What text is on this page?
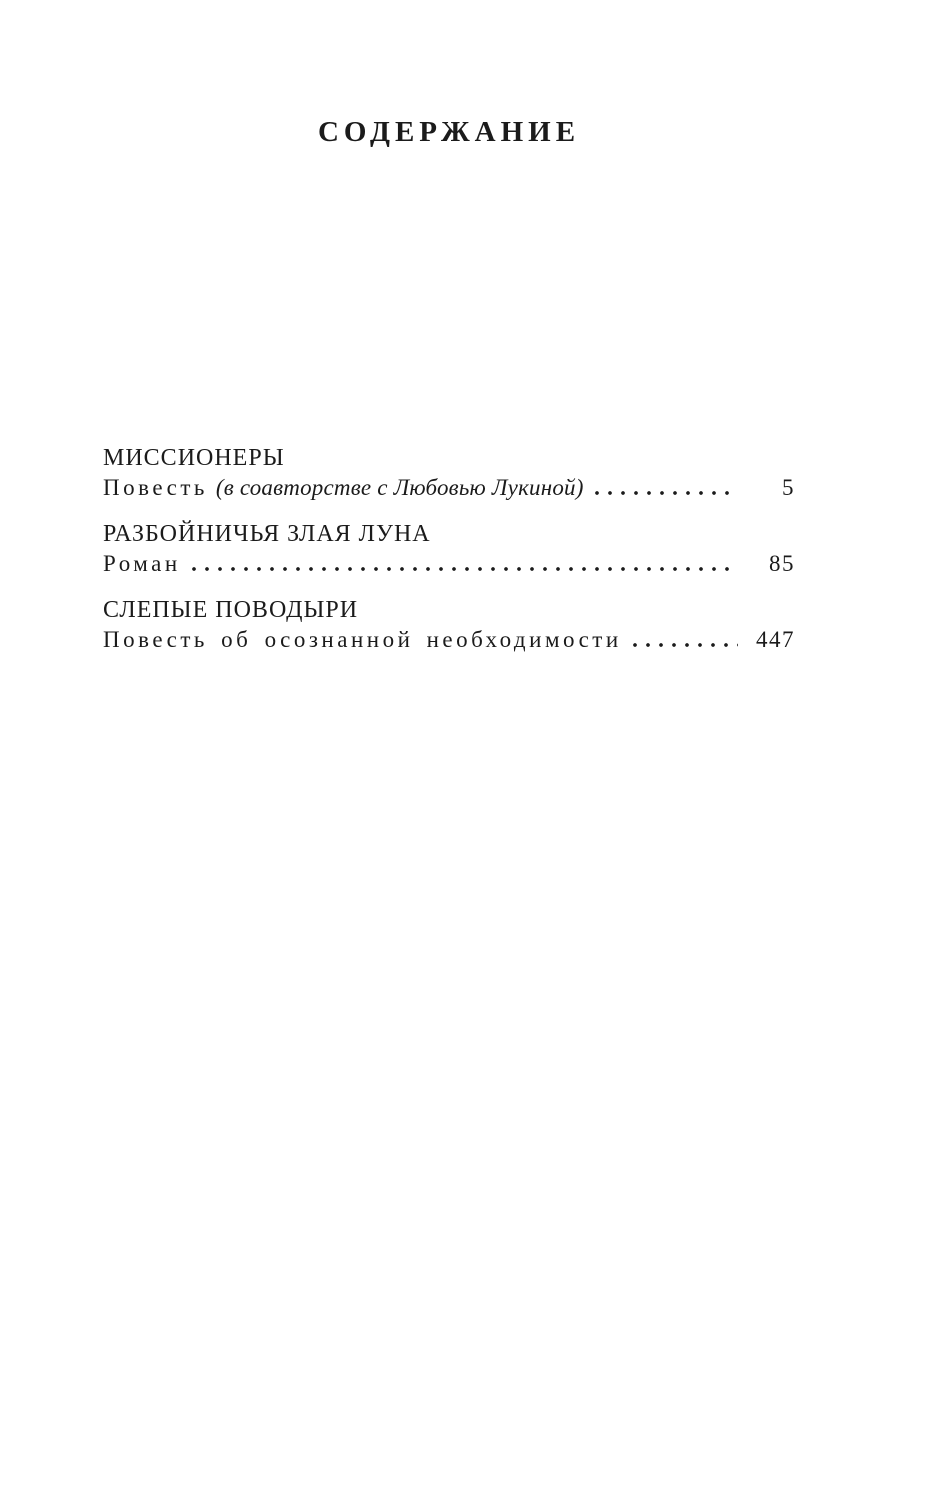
СОДЕРЖАНИЕ
МИССИОНЕРЫ
Повесть (в соавторстве с Любовью Лукиной)	5
РАЗБОЙНИЧЬЯ ЗЛАЯ ЛУНА
Роман	85
СЛЕПЫЕ ПОВОДЫРИ
Повесть об осознанной необходимости	447
